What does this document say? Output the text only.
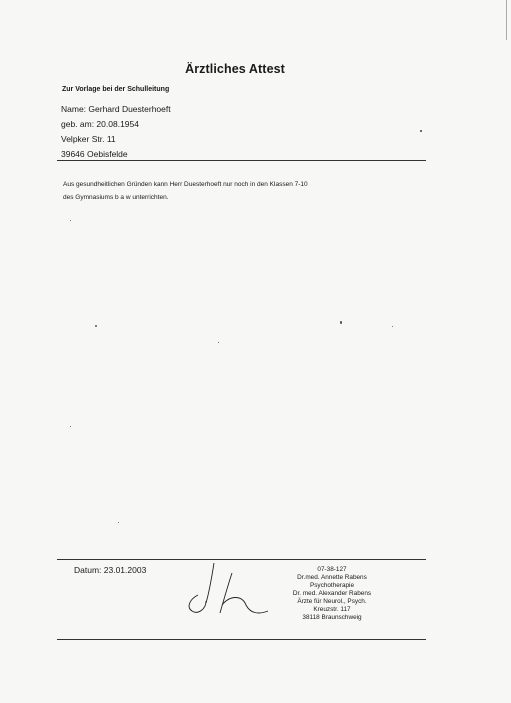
Ärztliches Attest
Zur Vorlage bei der Schulleitung
Name: Gerhard Duesterhoeft
geb. am: 20.08.1954
Velpker Str. 11
39646 Oebisfelde
Aus gesundheitlichen Gründen kann Herr Duesterhoeft nur noch in den Klassen 7-10
des Gymnasiums b a w unterrichten.
Datum: 23.01.2003	07-38-127
Dr.med. Annette Rabens
Psychotherapie
Dr. med. Alexander Rabens
Ärzte für Neurol., Psych.
Kreuzstr. 117
38118 Braunschweig
